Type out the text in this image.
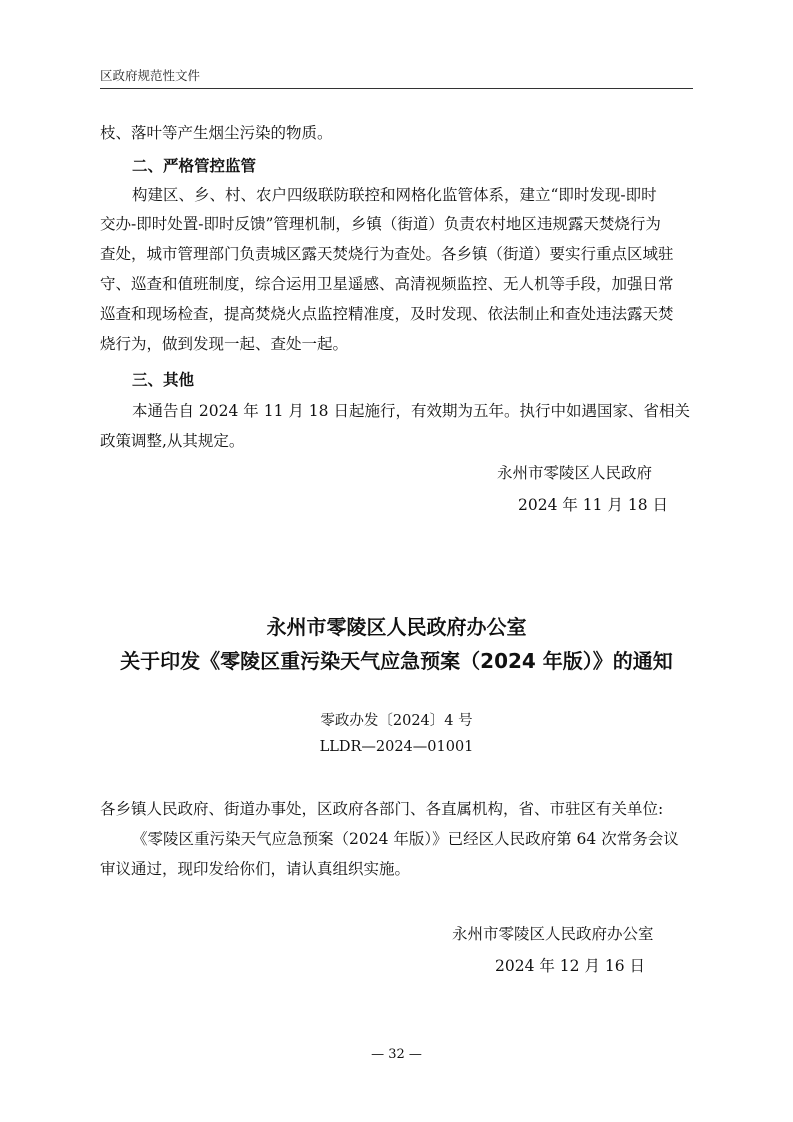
区政府规范性文件
枝、落叶等产生烟尘污染的物质。
二、严格管控监管
构建区、乡、村、农户四级联防联控和网格化监管体系，建立“即时发现-即时
交办-即时处置-即时反馈”管理机制，乡镇（街道）负责农村地区违规露天焚烧行为
查处，城市管理部门负责城区露天焚烧行为查处。各乡镇（街道）要实行重点区域驻
守、巡查和值班制度，综合运用卫星遥感、高清视频监控、无人机等手段，加强日常
巡查和现场检查，提高焚烧火点监控精准度，及时发现、依法制止和查处违法露天焚
烧行为，做到发现一起、查处一起。
三、其他
本通告自 2024 年 11 月 18 日起施行，有效期为五年。执行中如遇国家、省相关
政策调整,从其规定。
永州市零陵区人民政府
2024 年 11 月 18 日
永州市零陵区人民政府办公室
关于印发《零陵区重污染天气应急预案（2024 年版）》的通知
零政办发〔2024〕4 号
LLDR—2024—01001
各乡镇人民政府、街道办事处，区政府各部门、各直属机构，省、市驻区有关单位:
《零陵区重污染天气应急预案（2024 年版）》已经区人民政府第 64 次常务会议
审议通过，现印发给你们，请认真组织实施。
永州市零陵区人民政府办公室
2024 年 12 月 16 日
— 32 —
